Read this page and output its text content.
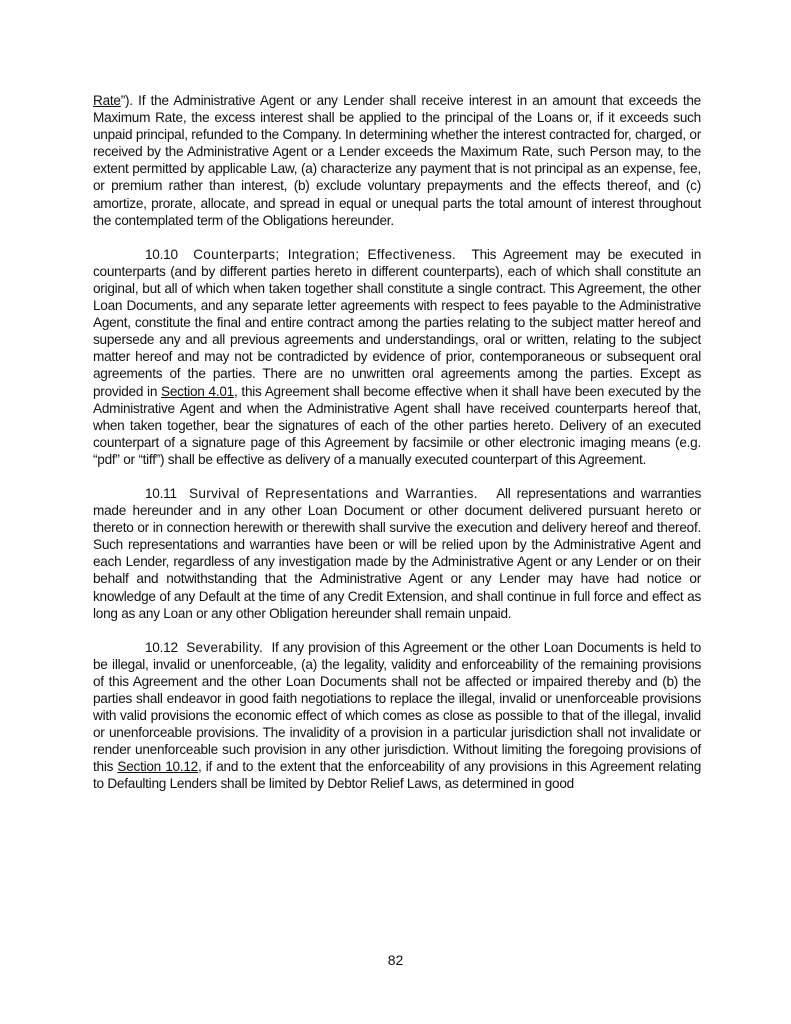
Rate”). If the Administrative Agent or any Lender shall receive interest in an amount that exceeds the Maximum Rate, the excess interest shall be applied to the principal of the Loans or, if it exceeds such unpaid principal, refunded to the Company. In determining whether the interest contracted for, charged, or received by the Administrative Agent or a Lender exceeds the Maximum Rate, such Person may, to the extent permitted by applicable Law, (a) characterize any payment that is not principal as an expense, fee, or premium rather than interest, (b) exclude voluntary prepayments and the effects thereof, and (c) amortize, prorate, allocate, and spread in equal or unequal parts the total amount of interest throughout the contemplated term of the Obligations hereunder.

10.10 Counterparts; Integration; Effectiveness. This Agreement may be executed in counterparts (and by different parties hereto in different counterparts), each of which shall constitute an original, but all of which when taken together shall constitute a single contract. This Agreement, the other Loan Documents, and any separate letter agreements with respect to fees payable to the Administrative Agent, constitute the final and entire contract among the parties relating to the subject matter hereof and supersede any and all previous agreements and understandings, oral or written, relating to the subject matter hereof and may not be contradicted by evidence of prior, contemporaneous or subsequent oral agreements of the parties. There are no unwritten oral agreements among the parties. Except as provided in Section 4.01, this Agreement shall become effective when it shall have been executed by the Administrative Agent and when the Administrative Agent shall have received counterparts hereof that, when taken together, bear the signatures of each of the other parties hereto. Delivery of an executed counterpart of a signature page of this Agreement by facsimile or other electronic imaging means (e.g. “pdf” or “tiff”) shall be effective as delivery of a manually executed counterpart of this Agreement.

10.11 Survival of Representations and Warranties. All representations and warranties made hereunder and in any other Loan Document or other document delivered pursuant hereto or thereto or in connection herewith or therewith shall survive the execution and delivery hereof and thereof. Such representations and warranties have been or will be relied upon by the Administrative Agent and each Lender, regardless of any investigation made by the Administrative Agent or any Lender or on their behalf and notwithstanding that the Administrative Agent or any Lender may have had notice or knowledge of any Default at the time of any Credit Extension, and shall continue in full force and effect as long as any Loan or any other Obligation hereunder shall remain unpaid.

10.12 Severability. If any provision of this Agreement or the other Loan Documents is held to be illegal, invalid or unenforceable, (a) the legality, validity and enforceability of the remaining provisions of this Agreement and the other Loan Documents shall not be affected or impaired thereby and (b) the parties shall endeavor in good faith negotiations to replace the illegal, invalid or unenforceable provisions with valid provisions the economic effect of which comes as close as possible to that of the illegal, invalid or unenforceable provisions. The invalidity of a provision in a particular jurisdiction shall not invalidate or render unenforceable such provision in any other jurisdiction. Without limiting the foregoing provisions of this Section 10.12, if and to the extent that the enforceability of any provisions in this Agreement relating to Defaulting Lenders shall be limited by Debtor Relief Laws, as determined in good

82
